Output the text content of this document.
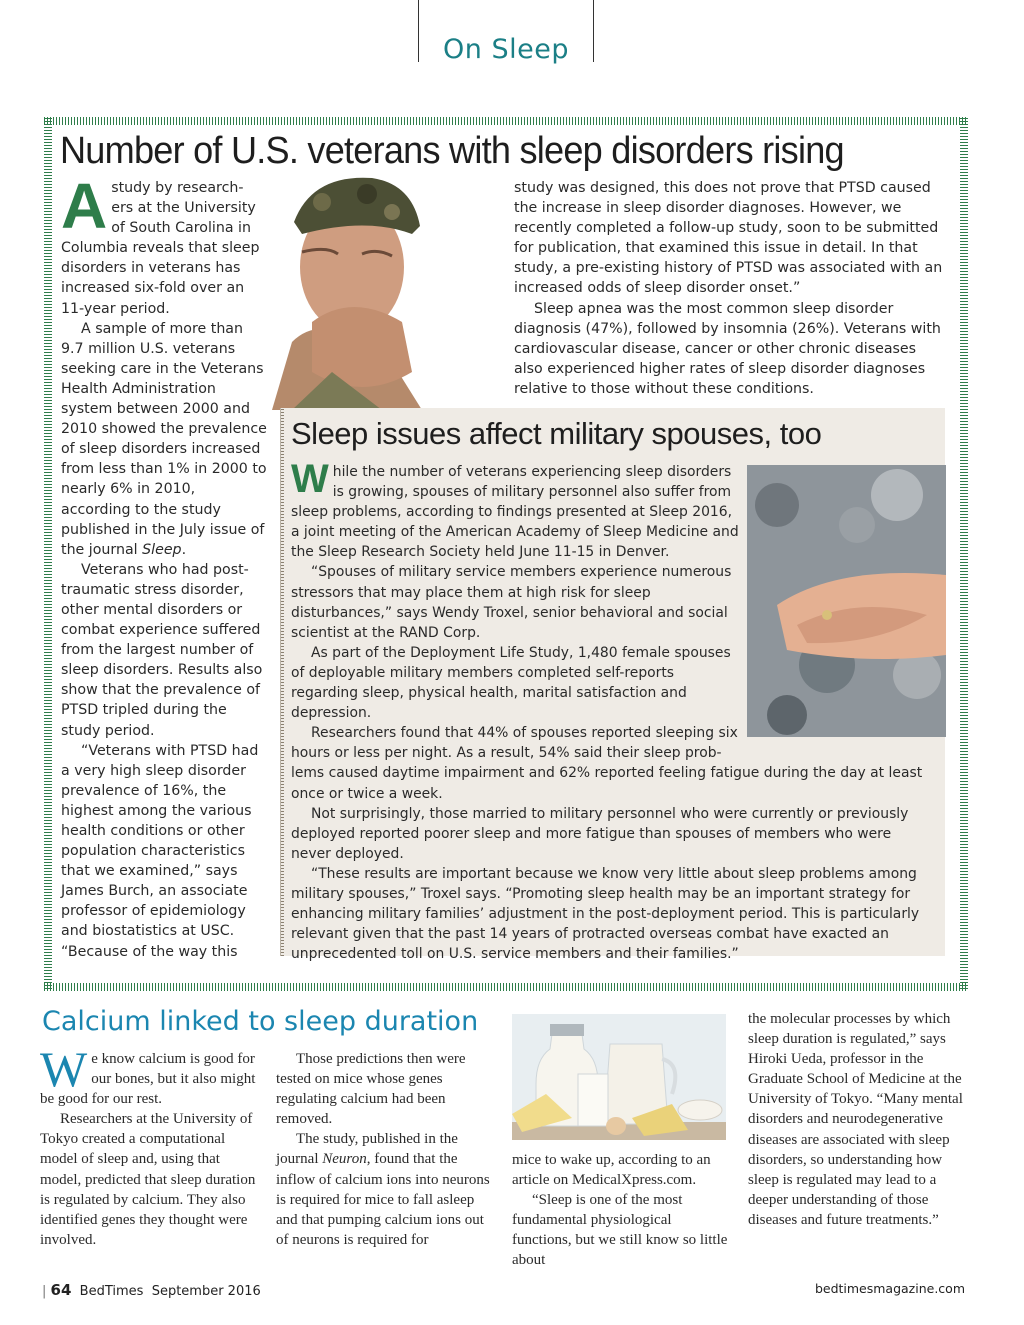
On Sleep
Number of U.S. veterans with sleep disorders rising
A study by research-
ers at the University
of South Carolina in

Columbia reveals that sleep disorders in veterans has increased six-fold over an 11-year period.

A sample of more than 9.7 million U.S. veterans seeking care in the Veterans Health Administration system between 2000 and 2010 showed the prevalence of sleep disorders increased from less than 1% in 2000 to nearly 6% in 2010, according to the study published in the July issue of the journal Sleep.

Veterans who had post-traumatic stress disorder, other mental disorders or combat experience suffered from the largest number of sleep disorders. Results also show that the prevalence of PTSD tripled during the study period.

“Veterans with PTSD had a very high sleep disorder prevalence of 16%, the highest among the various health conditions or other population characteristics that we examined,” says James Burch, an associate professor of epidemiology and biostatistics at USC. “Because of the way this

study was designed, this does not prove that PTSD caused the increase in sleep disorder diagnoses. However, we recently completed a follow-up study, soon to be submitted for publication, that examined this issue in detail. In that study, a pre-existing history of PTSD was associated with an increased odds of sleep disorder onset.”

Sleep apnea was the most common sleep disorder diagnosis (47%), followed by insomnia (26%). Veterans with cardiovascular disease, cancer or other chronic diseases also experienced higher rates of sleep disorder diagnoses relative to those without these conditions.

Sleep issues affect military spouses, too
W hile the number of veterans experiencing sleep disorders
is growing, spouses of military personnel also suffer from

sleep problems, according to findings presented at Sleep 2016, a joint meeting of the American Academy of Sleep Medicine and the Sleep Research Society held June 11-15 in Denver.

“Spouses of military service members experience numerous stressors that may place them at high risk for sleep disturbances,” says Wendy Troxel, senior behavioral and social scientist at the RAND Corp.

As part of the Deployment Life Study, 1,480 female spouses of deployable military members completed self-reports regarding sleep, physical health, marital satisfaction and depression.

Researchers found that 44% of spouses reported sleeping six hours or less per night. As a result, 54% said their sleep prob-

lems caused daytime impairment and 62% reported feeling fatigue during the day at least once or twice a week.

Not surprisingly, those married to military personnel who were currently or previously deployed reported poorer sleep and more fatigue than spouses of members who were never deployed.

“These results are important because we know very little about sleep problems among military spouses,” Troxel says. “Promoting sleep health may be an important strategy for enhancing military families’ adjustment in the post-deployment period. This is particularly relevant given that the past 14 years of protracted overseas combat have exacted an unprecedented toll on U.S. service members and their families.”

Calcium linked to sleep duration
W e know calcium is good for our bones, but it also might be good for our rest.

Researchers at the University of Tokyo created a computational model of sleep and, using that model, predicted that sleep duration is regulated by calcium. They also identified genes they thought were involved.

Those predictions then were tested on mice whose genes regulating calcium had been removed.

The study, published in the journal Neuron, found that the inflow of calcium ions into neurons is required for mice to fall asleep and that pumping calcium ions out of neurons is required for

mice to wake up, according to an article on MedicalXpress.com.

“Sleep is one of the most fundamental physiological functions, but we still know so little about

the molecular processes by which sleep duration is regulated,” says Hiroki Ueda, professor in the Graduate School of Medicine at the University of Tokyo. “Many mental disorders and neurodegenerative diseases are associated with sleep disorders, so understanding how sleep is regulated may lead to a deeper understanding of those diseases and future treatments.”

| 64 BedTimes September 2016	bedtimesmagazine.com
